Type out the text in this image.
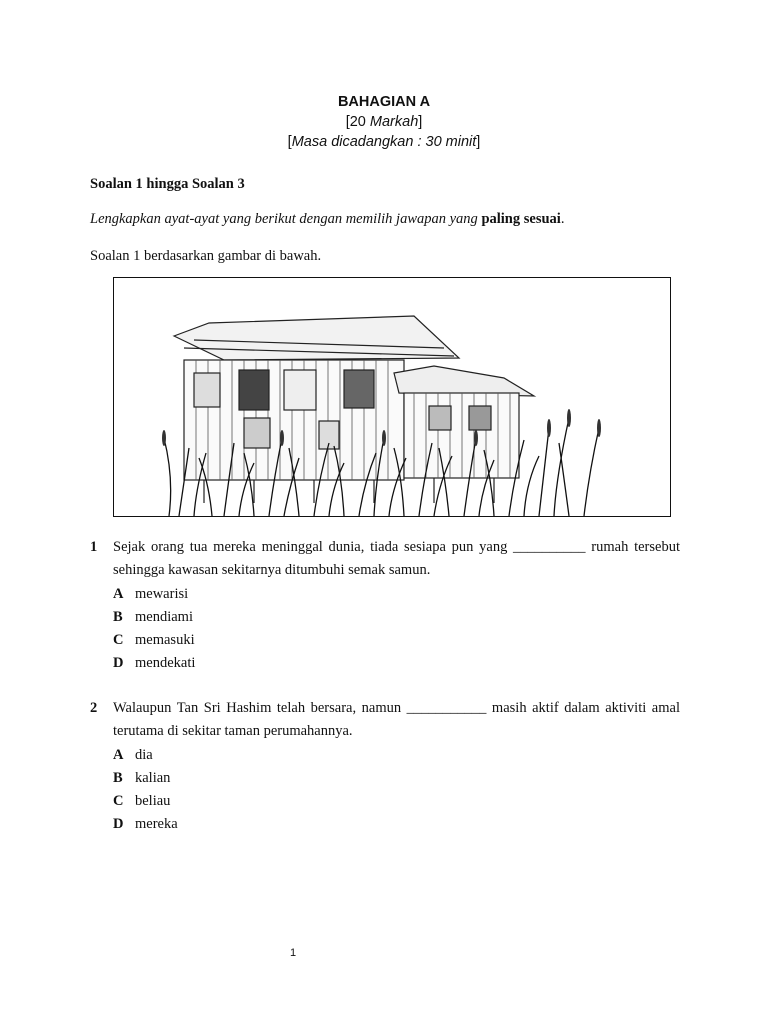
BAHAGIAN A
[20 Markah]
[Masa dicadangkan : 30 minit]
Soalan 1 hingga Soalan 3
Lengkapkan ayat-ayat yang berikut dengan memilih jawapan yang paling sesuai.
Soalan 1 berdasarkan gambar di bawah.
1 Sejak orang tua mereka meninggal dunia, tiada sesiapa pun yang __________ rumah tersebut sehingga kawasan sekitarnya ditumbuhi semak samun.
A mewarisi
B mendiami
C memasuki
D mendekati
2 Walaupun Tan Sri Hashim telah bersara, namun ___________ masih aktif dalam aktiviti amal terutama di sekitar taman perumahannya.
A dia
B kalian
C beliau
D mereka
1
